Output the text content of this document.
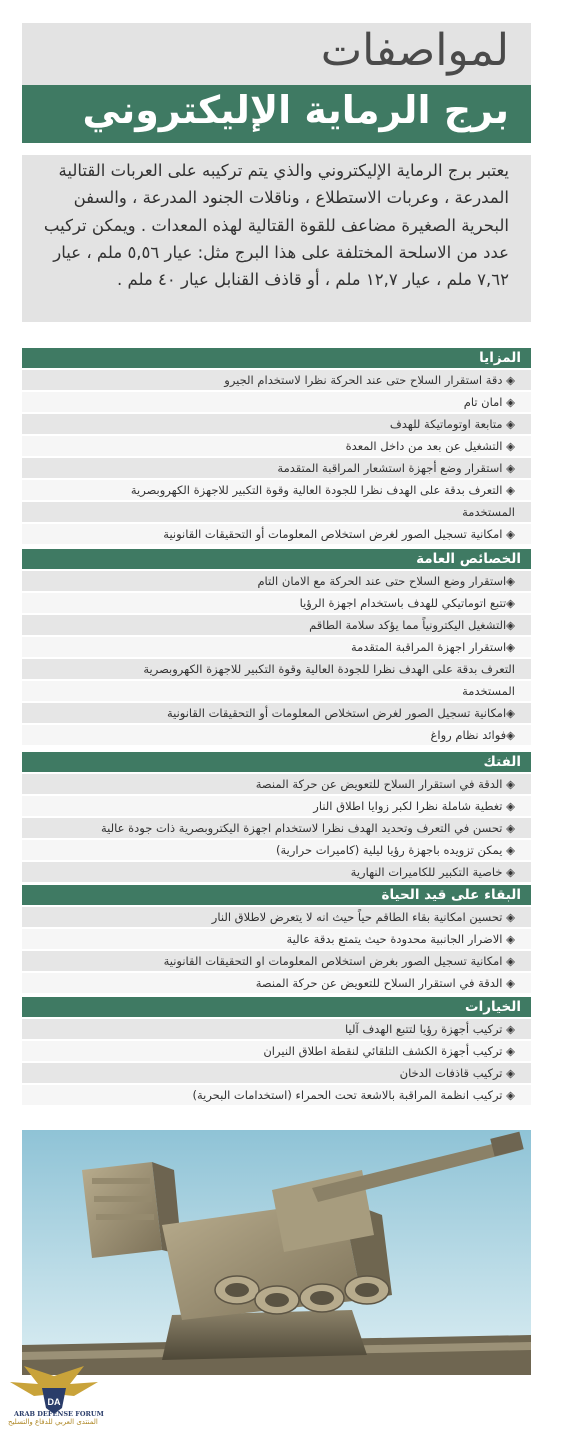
لمواصفات
برج الرماية الإليكتروني

يعتبر برج الرماية الإليكتروني والذي يتم تركيبه على العربات القتالية المدرعة ، وعربات الاستطلاع ، وناقلات الجنود المدرعة ، والسفن البحرية الصغيرة مضاعف للقوة القتالية لهذه المعدات . ويمكن تركيب عدد من الاسلحة المختلفة على هذا البرج مثل: عيار ٥,٥٦ ملم ، عيار ٧,٦٢ ملم ، عيار ١٢,٧ ملم ، أو قاذف القنابل عيار ٤٠ ملم .

المزايا
◈ دقة استقرار السلاح حتى عند الحركة نظرا لاستخدام الجيرو
◈ امان تام
◈ متابعة اوتوماتيكة للهدف
◈ التشغيل عن بعد من داخل المعدة
◈ استقرار وضع أجهزة استشعار المراقبة المتقدمة
◈ التعرف بدقة على الهدف نظرا للجودة العالية وقوة التكبير للاجهزة الكهروبصرية
المستخدمة
◈ امكانية تسجيل الصور لغرض استخلاص المعلومات أو التحقيقات القانونية
الخصائص العامة
◈استقرار وضع السلاح حتى عند الحركة مع الامان التام
◈تتبع اتوماتيكي للهدف باستخدام اجهزة الرؤيا
◈التشغيل اليكترونياً مما يؤكد سلامة الطاقم
◈استقرار اجهزة المراقبة المتقدمة
التعرف بدقة على الهدف نظرا للجودة العالية وقوة التكبير للاجهزة الكهروبصرية
المستخدمة
◈امكانية تسجيل الصور لغرض استخلاص المعلومات أو التحقيقات القانونية
◈فوائد نظام رواغ
الفتك
◈ الدقة في استقرار السلاح للتعويض عن حركة المنصة
◈ تغطية شاملة نظرا لكبر زوايا اطلاق النار
◈ تحسن في التعرف وتحديد الهدف نظرا لاستخدام اجهزة اليكتروبصرية ذات جودة عالية
◈ يمكن تزويده باجهزة رؤيا ليلية (كاميرات حرارية)
◈ خاصية التكبير للكاميرات النهارية
البقاء على قيد الحياة
◈ تحسين امكانية بقاء الطاقم حياً حيث انه لا يتعرض لاطلاق النار
◈ الاضرار الجانبية محدودة حيث يتمتع بدقة عالية
◈ امكانية تسجيل الصور بغرض استخلاص المعلومات او التحقيقات القانونية
◈ الدقة في استقرار السلاح للتعويض عن حركة المنصة
الخيارات
◈ تركيب أجهزة رؤيا لتتبع الهدف آليا
◈ تركيب أجهزة الكشف التلقائي لنقطة اطلاق النيران
◈ تركيب قاذفات الدخان
◈ تركيب انظمة المراقبة بالاشعة تحت الحمراء (استخدامات البحرية)
DA
ARAB DEFENSE FORUM
المنتدى العربي للدفاع والتسليح
